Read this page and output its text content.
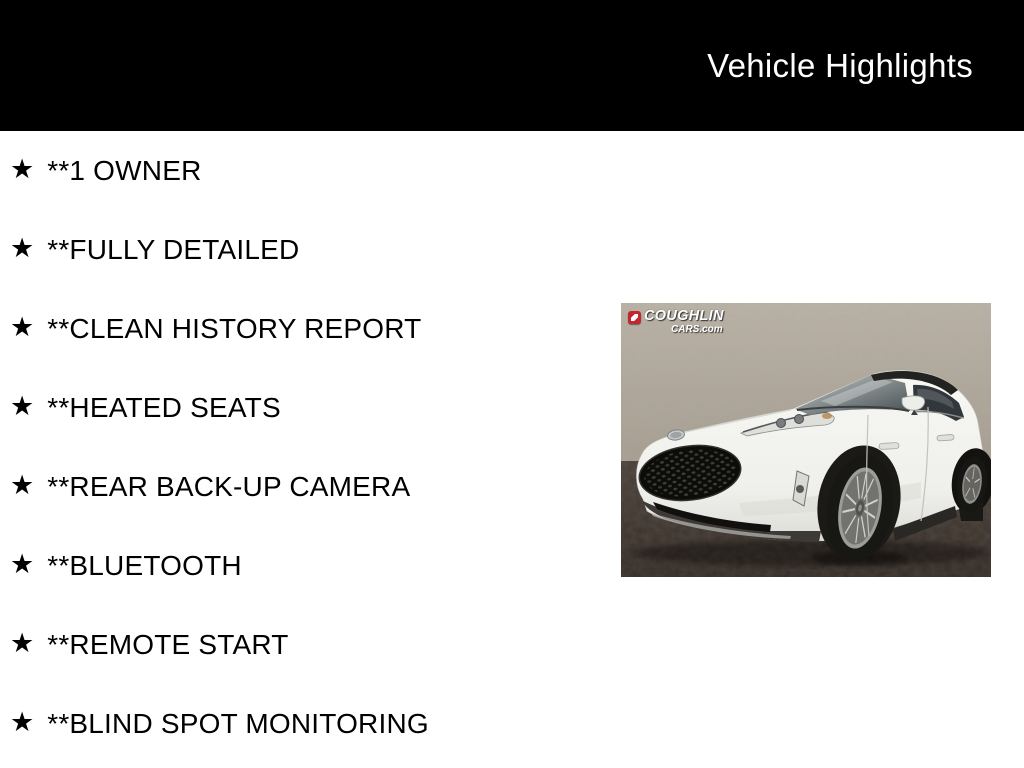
Vehicle Highlights
★ **1 OWNER
★ **FULLY DETAILED
★ **CLEAN HISTORY REPORT
★ **HEATED SEATS
★ **REAR BACK-UP CAMERA
★ **BLUETOOTH
★ **REMOTE START
★ **BLIND SPOT MONITORING
COUGHLIN
CARS.com
